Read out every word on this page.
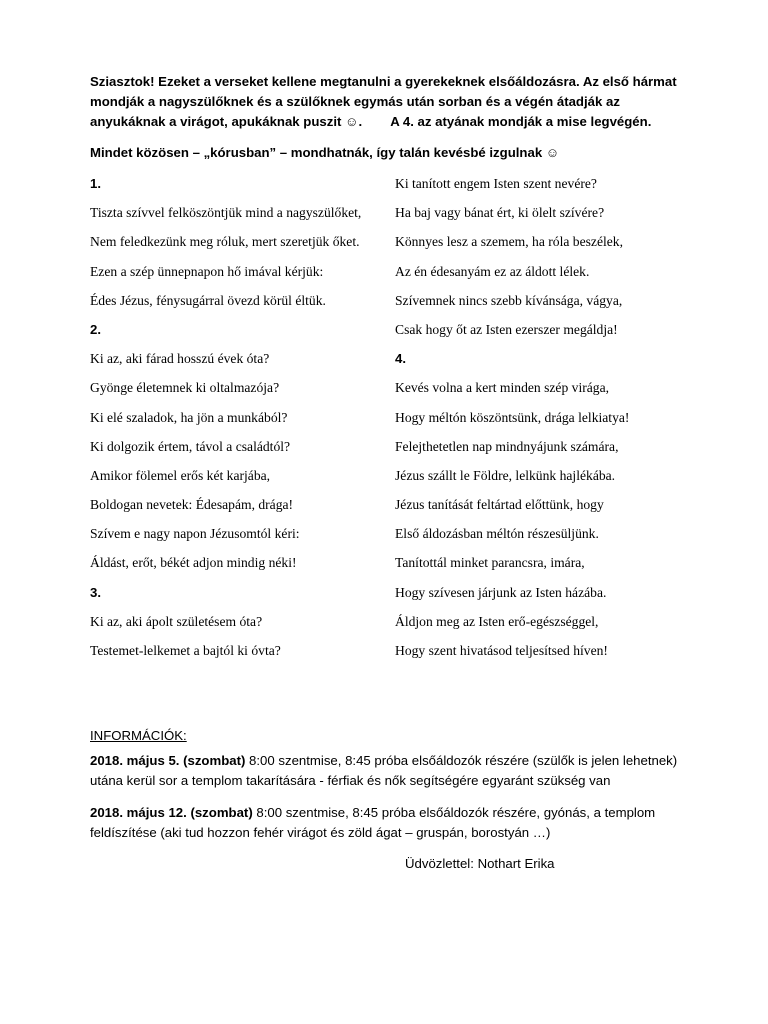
Sziasztok! Ezeket a verseket kellene megtanulni a gyerekeknek elsőáldozásra. Az első hármat mondják a nagyszülőknek és a szülőknek egymás után sorban és a végén átadják az anyukáknak a virágot, apukáknak puszit ☺. A 4. az atyának mondják a mise legvégén.
Mindet közösen – „kórusban” – mondhatnák, így talán kevésbé izgulnak ☺
1.
Tiszta szívvel felköszöntjük mind a nagyszülőket,
Nem feledkezünk meg róluk, mert szeretjük őket.
Ezen a szép ünnepnapon hő imával kérjük:
Édes Jézus, fénysugárral övezd körül éltük.
2.
Ki az, aki fárad hosszú évek óta?
Gyönge életemnek ki oltalmazója?
Ki elé szaladok, ha jön a munkából?
Ki dolgozik értem, távol a családtól?
Amikor fölemel erős két karjába,
Boldogan nevetek: Édesapám, drága!
Szívem e nagy napon Jézusomtól kéri:
Áldást, erőt, békét adjon mindig néki!
3.
Ki az, aki ápolt születésem óta?
Testemet-lelkemet a bajtól ki óvta?
Ki tanított engem Isten szent nevére?
Ha baj vagy bánat ért, ki ölelt szívére?
Könnyes lesz a szemem, ha róla beszélek,
Az én édesanyám ez az áldott lélek.
Szívemnek nincs szebb kívánsága, vágya,
Csak hogy őt az Isten ezerszer megáldja!
4.
Kevés volna a kert minden szép virága,
Hogy méltón köszöntsünk, drága lelkiatya!
Felejthetetlen nap mindnyájunk számára,
Jézus szállt le Földre, lelkünk hajlékába.
Jézus tanítását feltártad előttünk, hogy
Első áldozásban méltón részesüljünk.
Tanítottál minket parancsra, imára,
Hogy szívesen járjunk az Isten házába.
Áldjon meg az Isten erő-egészséggel,
Hogy szent hivatásod teljesítsed híven!
INFORMÁCIÓK:
2018. május 5. (szombat) 8:00 szentmise, 8:45 próba elsőáldozók részére (szülők is jelen lehetnek) utána kerül sor a templom takarítására - férfiak és nők segítségére egyaránt szükség van
2018. május 12. (szombat) 8:00 szentmise, 8:45 próba elsőáldozók részére, gyónás, a templom feldíszítése (aki tud hozzon fehér virágot és zöld ágat – gruspán, borostyán …)
Üdvözlettel: Nothart Erika
